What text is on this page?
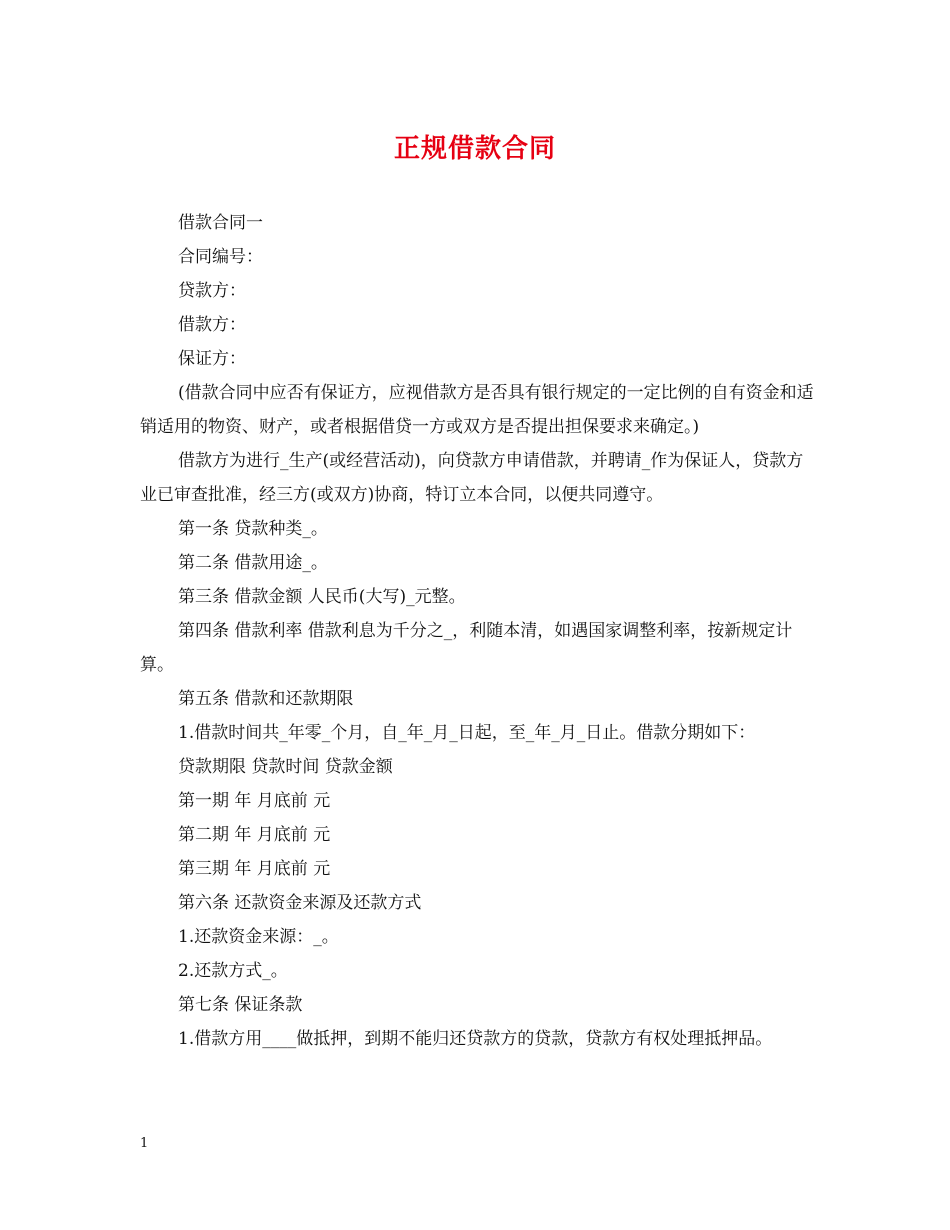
正规借款合同

借款合同一

合同编号：

贷款方：

借款方：

保证方：

(借款合同中应否有保证方，应视借款方是否具有银行规定的一定比例的自有资金和适销适用的物资、财产，或者根据借贷一方或双方是否提出担保要求来确定。)

借款方为进行_生产(或经营活动)，向贷款方申请借款，并聘请_作为保证人，贷款方业已审查批准，经三方(或双方)协商，特订立本合同，以便共同遵守。

第一条 贷款种类_。

第二条 借款用途_。

第三条 借款金额 人民币(大写)_元整。

第四条 借款利率 借款利息为千分之_，利随本清，如遇国家调整利率，按新规定计算。

第五条 借款和还款期限

1.借款时间共_年零_个月，自_年_月_日起，至_年_月_日止。借款分期如下：

贷款期限 贷款时间 贷款金额

第一期 年 月底前 元

第二期 年 月底前 元

第三期 年 月底前 元

第六条 还款资金来源及还款方式

1.还款资金来源：_。

2.还款方式_。

第七条 保证条款

1.借款方用____做抵押，到期不能归还贷款方的贷款，贷款方有权处理抵押品。

1
